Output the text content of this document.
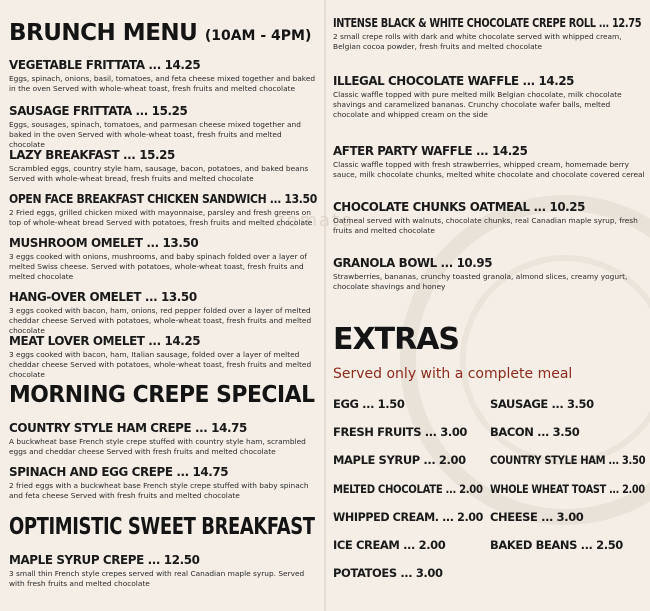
zomato
BRUNCH MENU (10AM - 4PM)
VEGETABLE FRITTATA ... 14.25
Eggs, spinach, onions, basil, tomatoes, and feta cheese mixed together and baked in the oven Served with whole-wheat toast, fresh fruits and melted chocolate
SAUSAGE FRITTATA ... 15.25
Eggs, sousages, spinach, tomatoes, and parmesan cheese mixed together and baked in the oven Served with whole-wheat toast, fresh fruits and melted chocolate
LAZY BREAKFAST ... 15.25
Scrambled eggs, country style ham, sausage, bacon, potatoes, and baked beans Served with whole-wheat bread, fresh fruits and melted chocolate
OPEN FACE BREAKFAST CHICKEN SANDWICH ... 13.50
2 Fried eggs, grilled chicken mixed with mayonnaise, parsley and fresh greens on top of whole-wheat bread Served with potatoes, fresh fruits and melted chocolate
MUSHROOM OMELET ... 13.50
3 eggs cooked with onions, mushrooms, and baby spinach folded over a layer of melted Swiss cheese. Served with potatoes, whole-wheat toast, fresh fruits and melted chocolate
HANG-OVER OMELET ... 13.50
3 eggs cooked with bacon, ham, onions, red pepper folded over a layer of melted cheddar cheese Served with potatoes, whole-wheat toast, fresh fruits and melted chocolate
MEAT LOVER OMELET ... 14.25
3 eggs cooked with bacon, ham, Italian sausage, folded over a layer of melted cheddar cheese Served with potatoes, whole-wheat toast, fresh fruits and melted chocolate
MORNING CREPE SPECIAL
COUNTRY STYLE HAM CREPE ... 14.75
A buckwheat base French style crepe stuffed with country style ham, scrambled eggs and cheddar cheese Served with fresh fruits and melted chocolate
SPINACH AND EGG CREPE ... 14.75
2 fried eggs with a buckwheat base French style crepe stuffed with baby spinach and feta cheese Served with fresh fruits and melted chocolate
OPTIMISTIC SWEET BREAKFAST
MAPLE SYRUP CREPE ... 12.50
3 small thin French style crepes served with real Canadian maple syrup. Served with fresh fruits and melted chocolate
INTENSE BLACK & WHITE CHOCOLATE CREPE ROLL ... 12.75
2 small crepe rolls with dark and white chocolate served with whipped cream, Belgian cocoa powder, fresh fruits and melted chocolate
ILLEGAL CHOCOLATE WAFFLE ... 14.25
Classic waffle topped with pure melted milk Belgian chocolate, milk chocolate shavings and caramelized bananas. Crunchy chocolate wafer balls, melted chocolate and whipped cream on the side
AFTER PARTY WAFFLE ... 14.25
Classic waffle topped with fresh strawberries, whipped cream, homemade berry sauce, milk chocolate chunks, melted white chocolate and chocolate covered cereal
CHOCOLATE CHUNKS OATMEAL ... 10.25
Oatmeal served with walnuts, chocolate chunks, real Canadian maple syrup, fresh fruits and melted chocolate
GRANOLA BOWL ... 10.95
Strawberries, bananas, crunchy toasted granola, almond slices, creamy yogurt, chocolate shavings and honey
EXTRAS
Served only with a complete meal
EGG ... 1.50
FRESH FRUITS ... 3.00
MAPLE SYRUP ... 2.00
MELTED CHOCOLATE ... 2.00
WHIPPED CREAM. ... 2.00
ICE CREAM ... 2.00
POTATOES ... 3.00
SAUSAGE ... 3.50
BACON ... 3.50
COUNTRY STYLE HAM ... 3.50
WHOLE WHEAT TOAST ... 2.00
CHEESE ... 3.00
BAKED BEANS ... 2.50
